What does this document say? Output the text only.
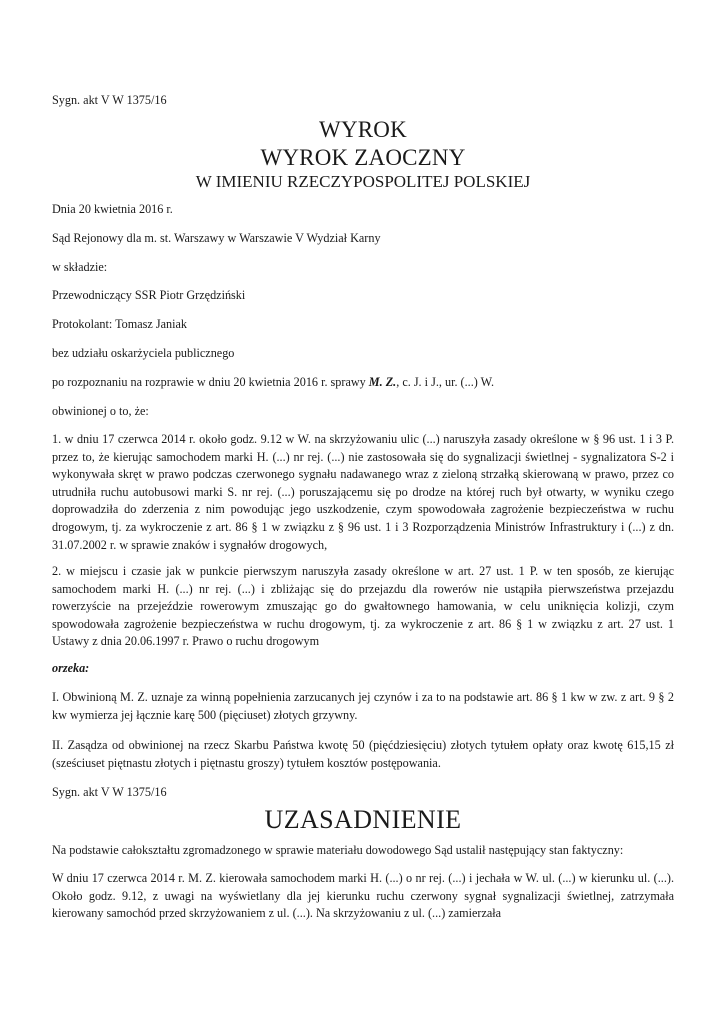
Sygn. akt V W 1375/16

WYROK

WYROK ZAOCZNY

W IMIENIU RZECZYPOSPOLITEJ POLSKIEJ

Dnia 20 kwietnia 2016 r.

Sąd Rejonowy dla m. st. Warszawy w Warszawie V Wydział Karny

w składzie:

Przewodniczący SSR Piotr Grzędziński

Protokolant: Tomasz Janiak

bez udziału oskarżyciela publicznego

po rozpoznaniu na rozprawie w dniu 20 kwietnia 2016 r. sprawy M. Z., c. J. i J., ur. (...) W.

obwinionej o to, że:

1. w dniu 17 czerwca 2014 r. około godz. 9.12 w W. na skrzyżowaniu ulic (...) naruszyła zasady określone w § 96 ust. 1 i 3 P. przez to, że kierując samochodem marki H. (...) nr rej. (...) nie zastosowała się do sygnalizacji świetlnej - sygnalizatora S-2 i wykonywała skręt w prawo podczas czerwonego sygnału nadawanego wraz z zieloną strzałką skierowaną w prawo, przez co utrudniła ruchu autobusowi marki S. nr rej. (...) poruszającemu się po drodze na której ruch był otwarty, w wyniku czego doprowadziła do zderzenia z nim powodując jego uszkodzenie, czym spowodowała zagrożenie bezpieczeństwa w ruchu drogowym, tj. za wykroczenie z art. 86 § 1 w związku z § 96 ust. 1 i 3 Rozporządzenia Ministrów Infrastruktury i (...) z dn. 31.07.2002 r. w sprawie znaków i sygnałów drogowych,

2. w miejscu i czasie jak w punkcie pierwszym naruszyła zasady określone w art. 27 ust. 1 P. w ten sposób, ze kierując samochodem marki H. (...) nr rej. (...) i zbliżając się do przejazdu dla rowerów nie ustąpiła pierwszeństwa przejazdu rowerzyście na przejeździe rowerowym zmuszając go do gwałtownego hamowania, w celu uniknięcia kolizji, czym spowodowała zagrożenie bezpieczeństwa w ruchu drogowym, tj. za wykroczenie z art. 86 § 1 w związku z art. 27 ust. 1 Ustawy z dnia 20.06.1997 r. Prawo o ruchu drogowym

orzeka:

I. Obwinioną M. Z. uznaje za winną popełnienia zarzucanych jej czynów i za to na podstawie art. 86 § 1 kw w zw. z art. 9 § 2 kw wymierza jej łącznie karę 500 (pięciuset) złotych grzywny.

II. Zasądza od obwinionej na rzecz Skarbu Państwa kwotę 50 (pięćdziesięciu) złotych tytułem opłaty oraz kwotę 615,15 zł (sześciuset piętnastu złotych i piętnastu groszy) tytułem kosztów postępowania.

Sygn. akt V W 1375/16

UZASADNIENIE

Na podstawie całokształtu zgromadzonego w sprawie materiału dowodowego Sąd ustalił następujący stan faktyczny:

W dniu 17 czerwca 2014 r. M. Z. kierowała samochodem marki H. (...) o nr rej. (...) i jechała w W. ul. (...) w kierunku ul. (...). Około godz. 9.12, z uwagi na wyświetlany dla jej kierunku ruchu czerwony sygnał sygnalizacji świetlnej, zatrzymała kierowany samochód przed skrzyżowaniem z ul. (...). Na skrzyżowaniu z ul. (...) zamierzała
